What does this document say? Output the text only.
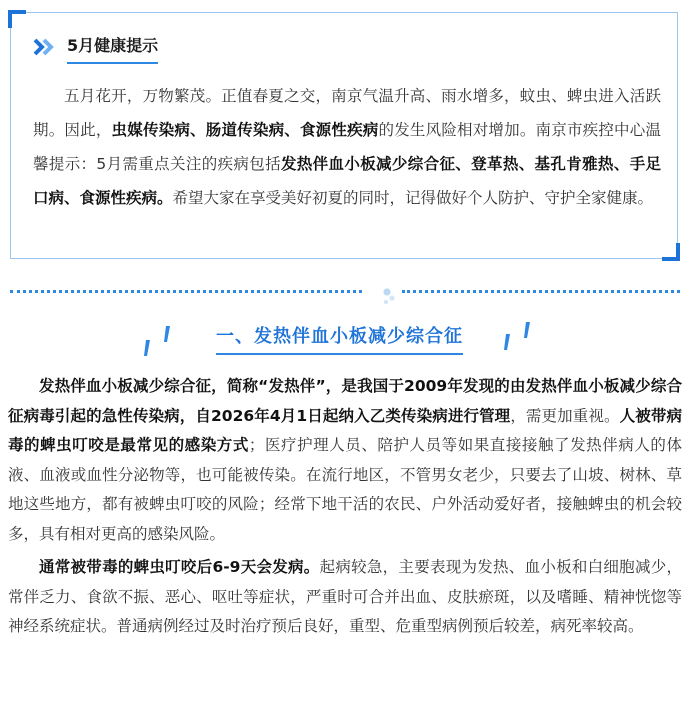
5月健康提示

五月花开，万物繁茂。正值春夏之交，南京气温升高、雨水增多，蚊虫、蜱虫进入活跃期。因此，虫媒传染病、肠道传染病、食源性疾病的发生风险相对增加。南京市疾控中心温馨提示：5月需重点关注的疾病包括发热伴血小板减少综合征、登革热、基孔肯雅热、手足口病、食源性疾病。希望大家在享受美好初夏的同时，记得做好个人防护、守护全家健康。

一、发热伴血小板减少综合征

发热伴血小板减少综合征，简称“发热伴”，是我国于2009年发现的由发热伴血小板减少综合征病毒引起的急性传染病，自2026年4月1日起纳入乙类传染病进行管理，需更加重视。人被带病毒的蜱虫叮咬是最常见的感染方式；医疗护理人员、陪护人员等如果直接接触了发热伴病人的体液、血液或血性分泌物等，也可能被传染。在流行地区，不管男女老少，只要去了山坡、树林、草地这些地方，都有被蜱虫叮咬的风险；经常下地干活的农民、户外活动爱好者，接触蜱虫的机会较多，具有相对更高的感染风险。

通常被带毒的蜱虫叮咬后6-9天会发病。起病较急，主要表现为发热、血小板和白细胞减少，常伴乏力、食欲不振、恶心、呕吐等症状，严重时可合并出血、皮肤瘀斑，以及嗜睡、精神恍惚等神经系统症状。普通病例经过及时治疗预后良好，重型、危重型病例预后较差，病死率较高。
